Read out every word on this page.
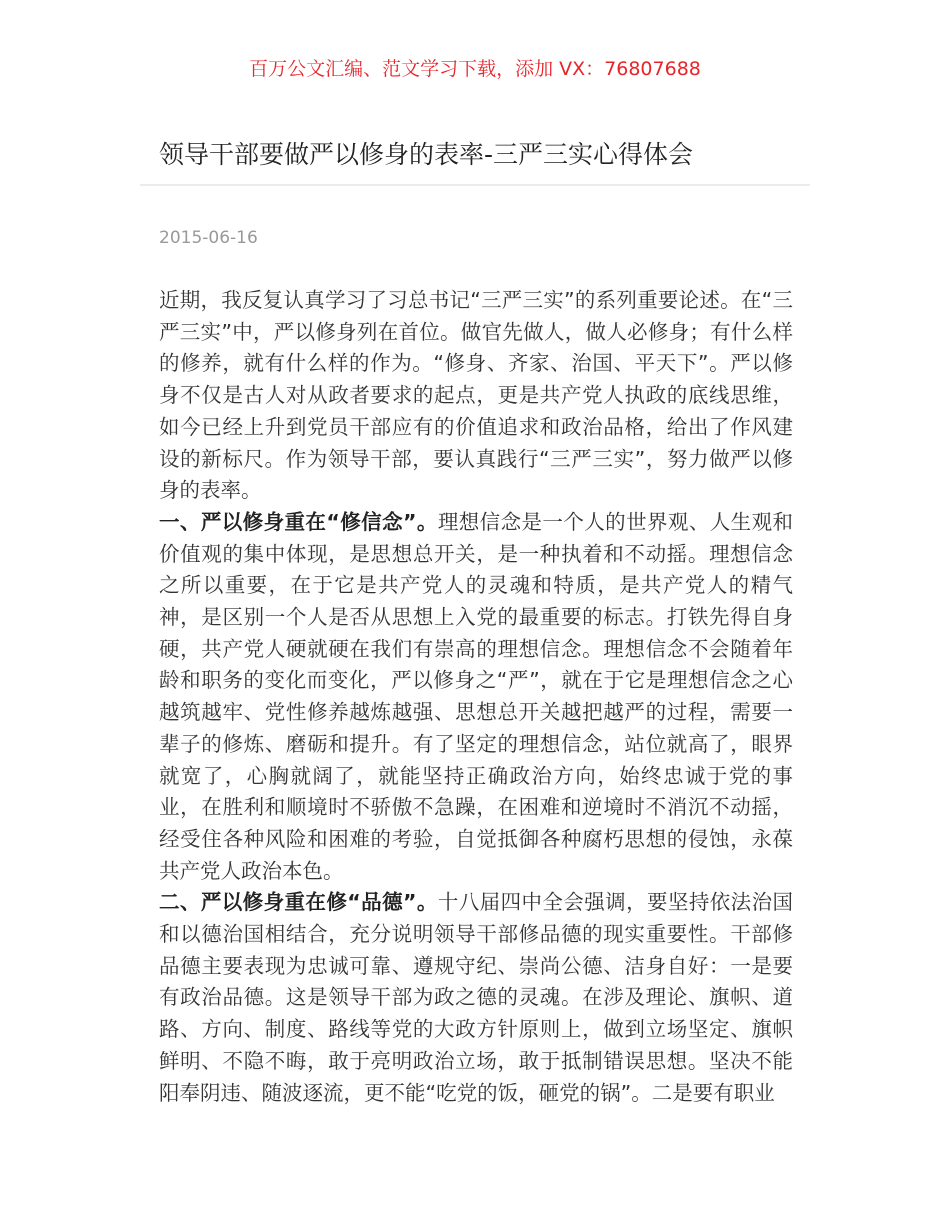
百万公文汇编、范文学习下载，添加 VX：76807688
领导干部要做严以修身的表率-三严三实心得体会
2015-06-16

近期，我反复认真学习了习总书记“三严三实”的系列重要论述。在“三严三实”中，严以修身列在首位。做官先做人，做人必修身；有什么样的修养，就有什么样的作为。“修身、齐家、治国、平天下”。严以修身不仅是古人对从政者要求的起点，更是共产党人执政的底线思维，如今已经上升到党员干部应有的价值追求和政治品格，给出了作风建设的新标尺。作为领导干部，要认真践行“三严三实”，努力做严以修身的表率。

一、严以修身重在“修信念”。理想信念是一个人的世界观、人生观和价值观的集中体现，是思想总开关，是一种执着和不动摇。理想信念之所以重要，在于它是共产党人的灵魂和特质，是共产党人的精气神，是区别一个人是否从思想上入党的最重要的标志。打铁先得自身硬，共产党人硬就硬在我们有崇高的理想信念。理想信念不会随着年龄和职务的变化而变化，严以修身之“严”，就在于它是理想信念之心越筑越牢、党性修养越炼越强、思想总开关越把越严的过程，需要一辈子的修炼、磨砺和提升。有了坚定的理想信念，站位就高了，眼界就宽了，心胸就阔了，就能坚持正确政治方向，始终忠诚于党的事业，在胜利和顺境时不骄傲不急躁，在困难和逆境时不消沉不动摇，经受住各种风险和困难的考验，自觉抵御各种腐朽思想的侵蚀，永葆共产党人政治本色。

二、严以修身重在修“品德”。十八届四中全会强调，要坚持依法治国和以德治国相结合，充分说明领导干部修品德的现实重要性。干部修品德主要表现为忠诚可靠、遵规守纪、崇尚公德、洁身自好：一是要有政治品德。这是领导干部为政之德的灵魂。在涉及理论、旗帜、道路、方向、制度、路线等党的大政方针原则上，做到立场坚定、旗帜鲜明、不隐不晦，敢于亮明政治立场，敢于抵制错误思想。坚决不能阳奉阴违、随波逐流，更不能“吃党的饭，砸党的锅”。二是要有职业
